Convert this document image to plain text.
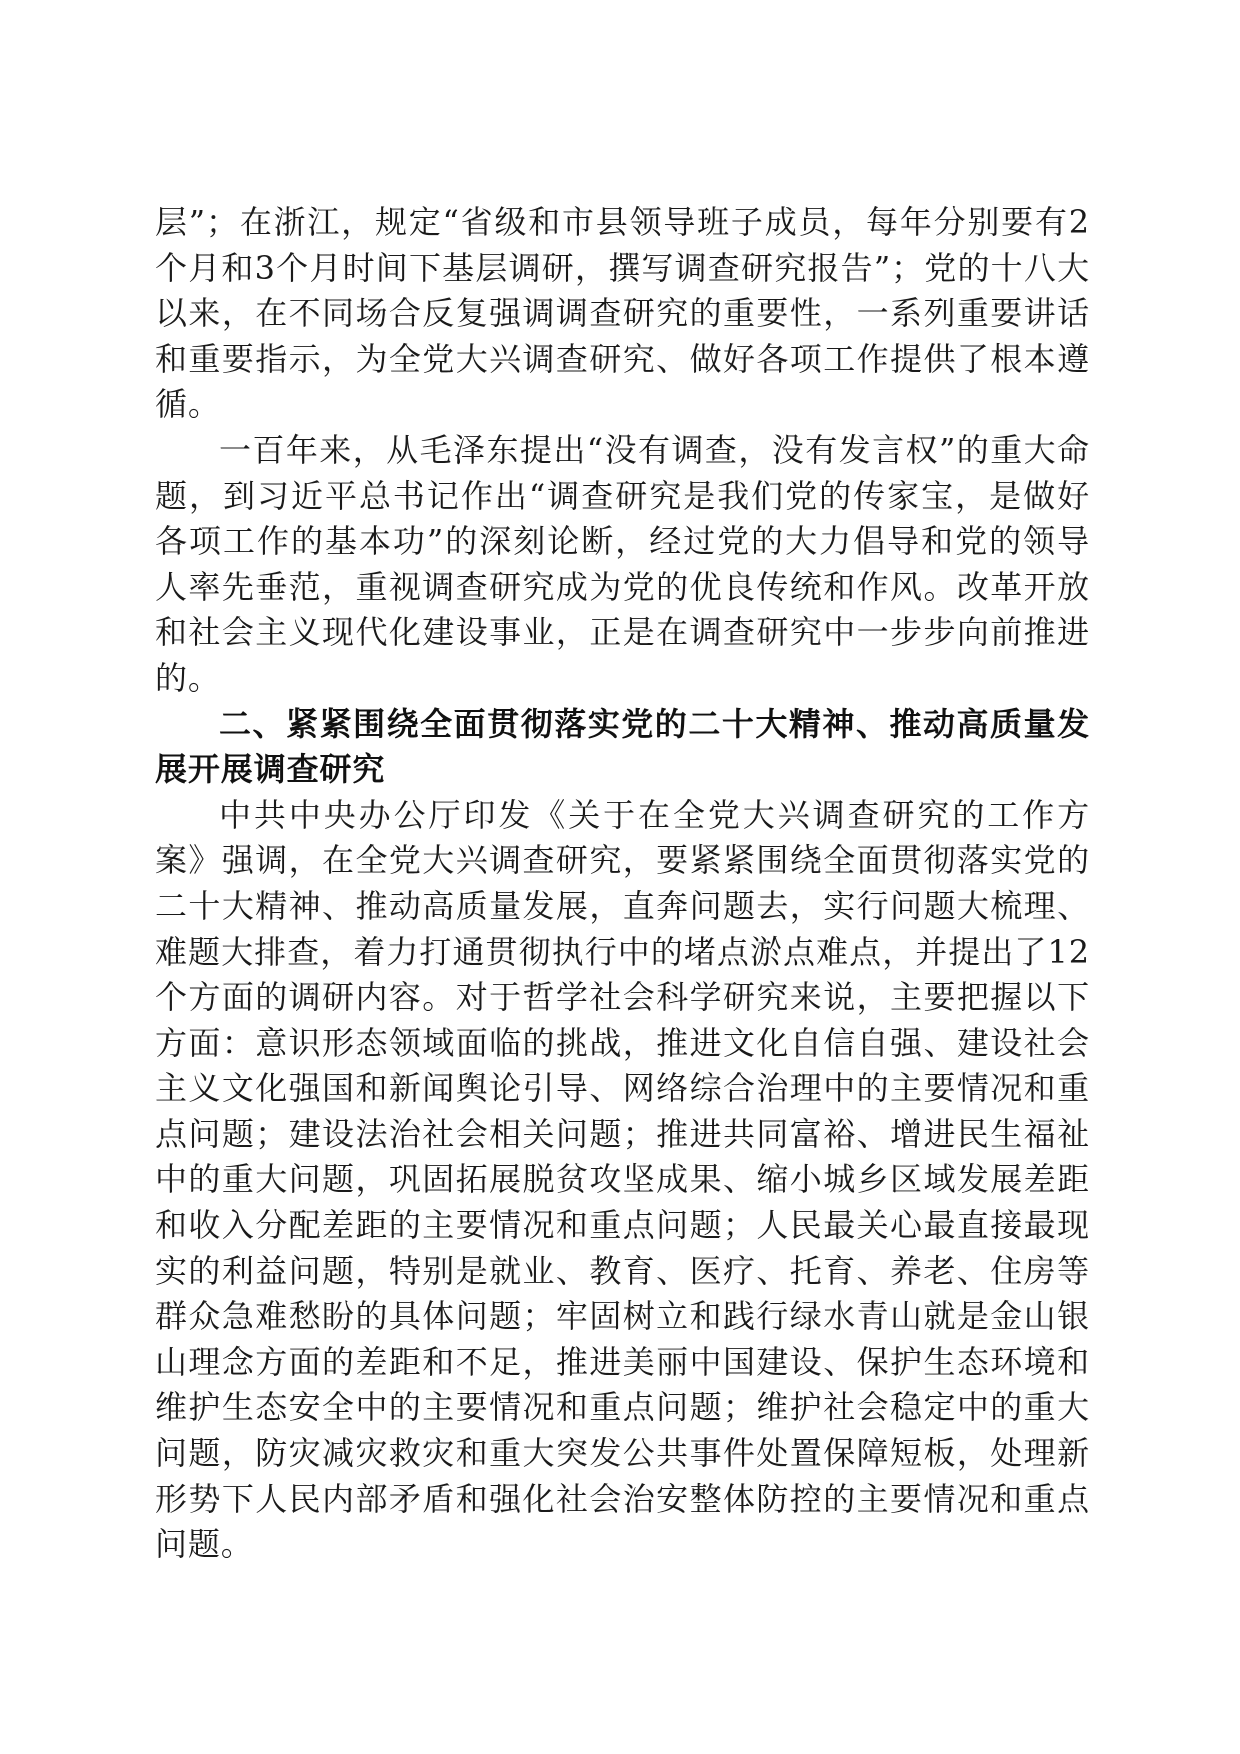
层”；在浙江，规定“省级和市县领导班子成员，每年分别要有2个月和3个月时间下基层调研，撰写调查研究报告”；党的十八大以来，在不同场合反复强调调查研究的重要性，一系列重要讲话和重要指示，为全党大兴调查研究、做好各项工作提供了根本遵循。

一百年来，从毛泽东提出“没有调查，没有发言权”的重大命题，到习近平总书记作出“调查研究是我们党的传家宝，是做好各项工作的基本功”的深刻论断，经过党的大力倡导和党的领导人率先垂范，重视调查研究成为党的优良传统和作风。改革开放和社会主义现代化建设事业，正是在调查研究中一步步向前推进的。

二、紧紧围绕全面贯彻落实党的二十大精神、推动高质量发展开展调查研究

中共中央办公厅印发《关于在全党大兴调查研究的工作方案》强调，在全党大兴调查研究，要紧紧围绕全面贯彻落实党的二十大精神、推动高质量发展，直奔问题去，实行问题大梳理、难题大排查，着力打通贯彻执行中的堵点淤点难点，并提出了12个方面的调研内容。对于哲学社会科学研究来说，主要把握以下方面：意识形态领域面临的挑战，推进文化自信自强、建设社会主义文化强国和新闻舆论引导、网络综合治理中的主要情况和重点问题；建设法治社会相关问题；推进共同富裕、增进民生福祉中的重大问题，巩固拓展脱贫攻坚成果、缩小城乡区域发展差距和收入分配差距的主要情况和重点问题；人民最关心最直接最现实的利益问题，特别是就业、教育、医疗、托育、养老、住房等群众急难愁盼的具体问题；牢固树立和践行绿水青山就是金山银山理念方面的差距和不足，推进美丽中国建设、保护生态环境和维护生态安全中的主要情况和重点问题；维护社会稳定中的重大问题，防灾减灾救灾和重大突发公共事件处置保障短板，处理新形势下人民内部矛盾和强化社会治安整体防控的主要情况和重点问题。
